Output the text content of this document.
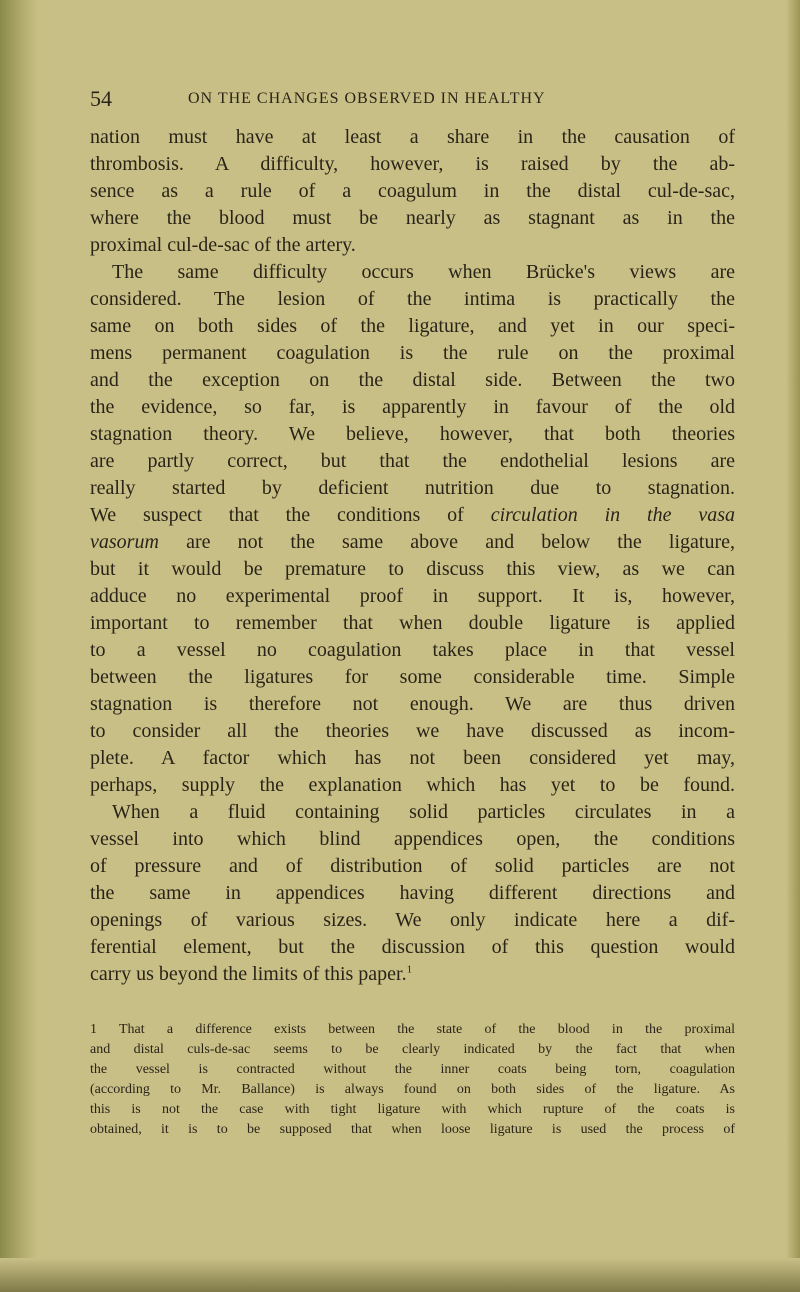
54	ON THE CHANGES OBSERVED IN HEALTHY
nation must have at least a share in the causation of
thrombosis. A difficulty, however, is raised by the ab-
sence as a rule of a coagulum in the distal cul-de-sac,
where the blood must be nearly as stagnant as in the
proximal cul-de-sac of the artery.
The same difficulty occurs when Brücke's views are
considered. The lesion of the intima is practically the
same on both sides of the ligature, and yet in our speci-
mens permanent coagulation is the rule on the proximal
and the exception on the distal side. Between the two
the evidence, so far, is apparently in favour of the old
stagnation theory. We believe, however, that both theories
are partly correct, but that the endothelial lesions are
really started by deficient nutrition due to stagnation.
We suspect that the conditions of circulation in the vasa
vasorum are not the same above and below the ligature,
but it would be premature to discuss this view, as we can
adduce no experimental proof in support. It is, however,
important to remember that when double ligature is applied
to a vessel no coagulation takes place in that vessel
between the ligatures for some considerable time. Simple
stagnation is therefore not enough. We are thus driven
to consider all the theories we have discussed as incom-
plete. A factor which has not been considered yet may,
perhaps, supply the explanation which has yet to be found.
When a fluid containing solid particles circulates in a
vessel into which blind appendices open, the conditions
of pressure and of distribution of solid particles are not
the same in appendices having different directions and
openings of various sizes. We only indicate here a dif-
ferential element, but the discussion of this question would
carry us beyond the limits of this paper.$^1$
1 That a difference exists between the state of the blood in the proximal
and distal culs-de-sac seems to be clearly indicated by the fact that when
the vessel is contracted without the inner coats being torn, coagulation
(according to Mr. Ballance) is always found on both sides of the ligature. As
this is not the case with tight ligature with which rupture of the coats is
obtained, it is to be supposed that when loose ligature is used the process of
